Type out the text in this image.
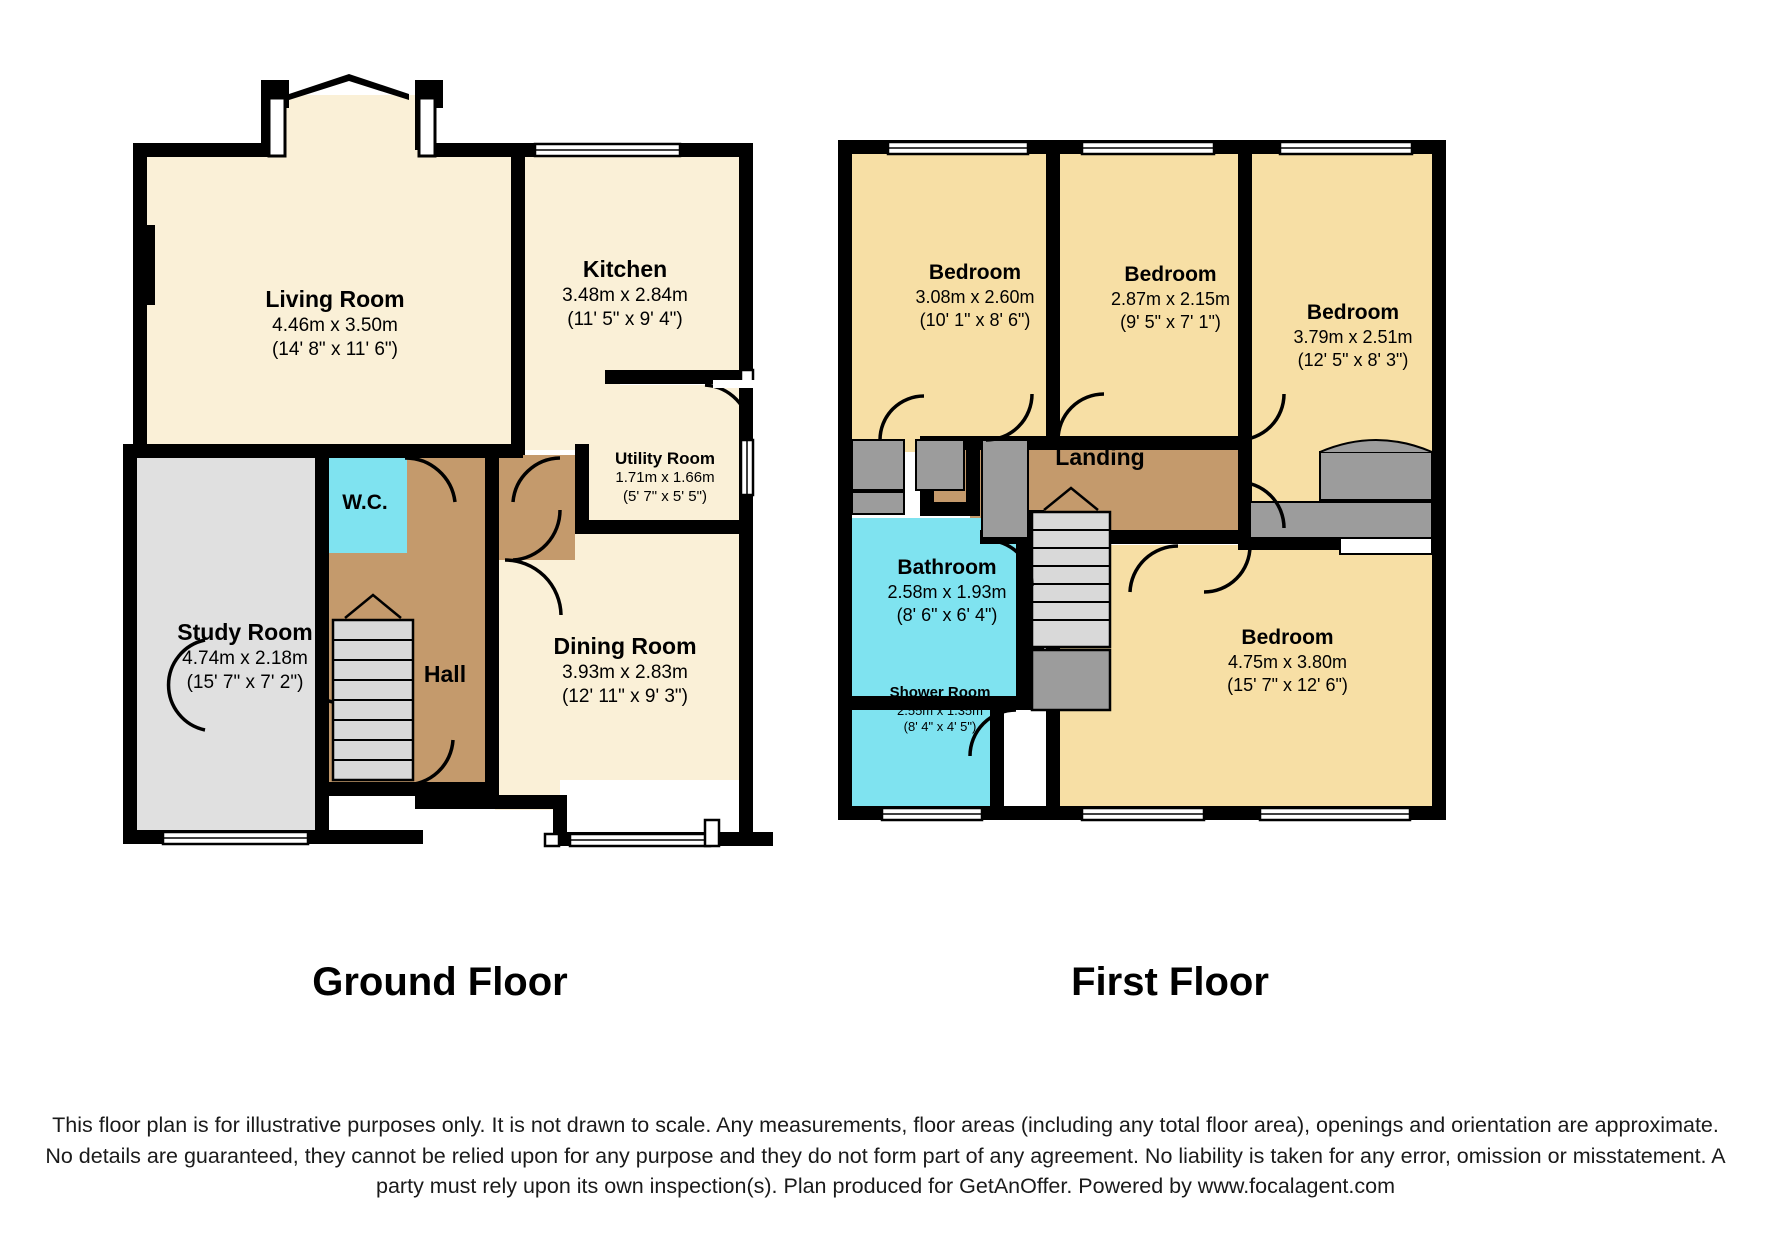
Living Room
4.46m x 3.50m
(14' 8" x 11' 6")
Kitchen
3.48m x 2.84m
(11' 5" x 9' 4")
Utility Room
1.71m x 1.66m
(5' 7" x 5' 5")
W.C.
Study Room
4.74m x 2.18m
(15' 7" x 7' 2")	Hall
Dining Room
3.93m x 2.83m
(12' 11" x 9' 3")
Bedroom
3.08m x 2.60m
(10' 1" x 8' 6")
Bedroom
2.87m x 2.15m
(9' 5" x 7' 1")	Bedroom
3.79m x 2.51m
(12' 5" x 8' 3")
Bedroom
4.75m x 3.80m
(15' 7" x 12' 6")
Landing
Bathroom
2.58m x 1.93m
(8' 6" x 6' 4")
Shower Room
2.55m x 1.35m
(8' 4" x 4' 5")
Ground Floor	First Floor
This floor plan is for illustrative purposes only. It is not drawn to scale. Any measurements, floor areas (including any total floor area), openings and orientation are approximate. No details are guaranteed, they cannot be relied upon for any purpose and they do not form part of any agreement. No liability is taken for any error, omission or misstatement. A party must rely upon its own inspection(s). Plan produced for GetAnOffer. Powered by www.focalagent.com
